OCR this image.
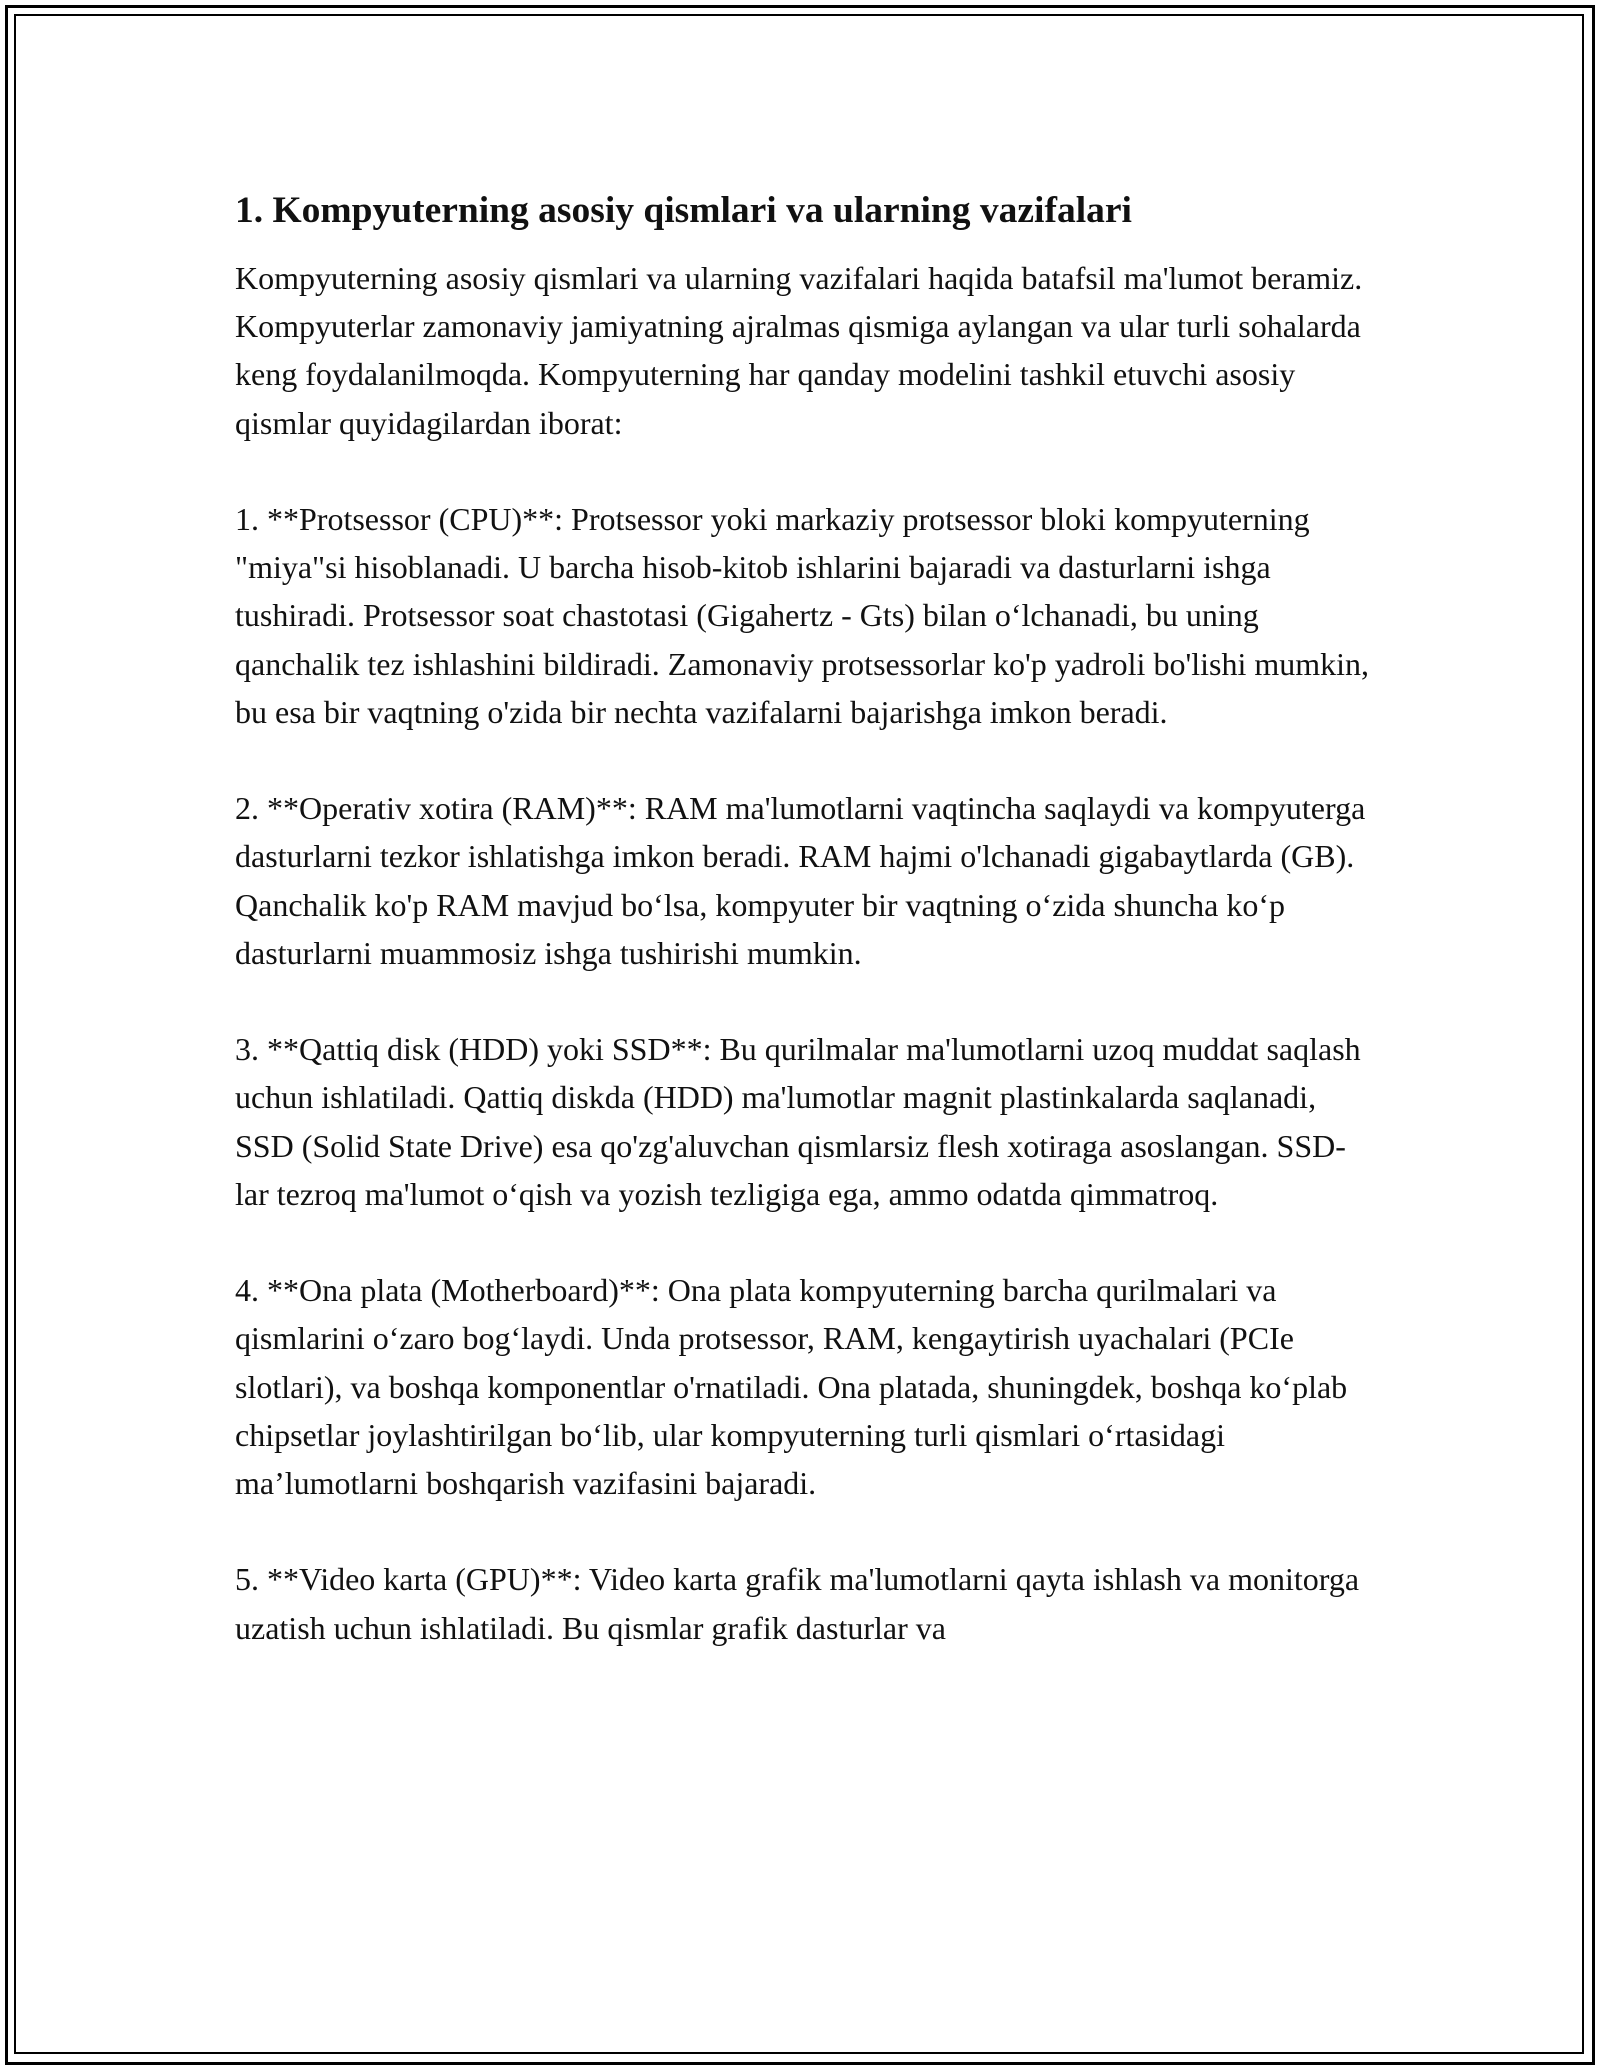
1. Kompyuterning asosiy qismlari va ularning vazifalari

Kompyuterning asosiy qismlari va ularning vazifalari haqida batafsil ma'lumot beramiz. Kompyuterlar zamonaviy jamiyatning ajralmas qismiga aylangan va ular turli sohalarda keng foydalanilmoqda. Kompyuterning har qanday modelini tashkil etuvchi asosiy qismlar quyidagilardan iborat:

1. **Protsessor (CPU)**: Protsessor yoki markaziy protsessor bloki kompyuterning "miya"si hisoblanadi. U barcha hisob-kitob ishlarini bajaradi va dasturlarni ishga tushiradi. Protsessor soat chastotasi (Gigahertz - Gts) bilan oʻlchanadi, bu uning qanchalik tez ishlashini bildiradi. Zamonaviy protsessorlar ko'p yadroli bo'lishi mumkin, bu esa bir vaqtning o'zida bir nechta vazifalarni bajarishga imkon beradi.

2. **Operativ xotira (RAM)**: RAM ma'lumotlarni vaqtincha saqlaydi va kompyuterga dasturlarni tezkor ishlatishga imkon beradi. RAM hajmi o'lchanadi gigabaytlarda (GB). Qanchalik ko'p RAM mavjud boʻlsa, kompyuter bir vaqtning oʻzida shuncha koʻp dasturlarni muammosiz ishga tushirishi mumkin.

3. **Qattiq disk (HDD) yoki SSD**: Bu qurilmalar ma'lumotlarni uzoq muddat saqlash uchun ishlatiladi. Qattiq diskda (HDD) ma'lumotlar magnit plastinkalarda saqlanadi, SSD (Solid State Drive) esa qo'zg'aluvchan qismlarsiz flesh xotiraga asoslangan. SSD-lar tezroq ma'lumot oʻqish va yozish tezligiga ega, ammo odatda qimmatroq.

4. **Ona plata (Motherboard)**: Ona plata kompyuterning barcha qurilmalari va qismlarini oʻzaro bogʻlaydi. Unda protsessor, RAM, kengaytirish uyachalari (PCIe slotlari), va boshqa komponentlar o'rnatiladi. Ona platada, shuningdek, boshqa koʻplab chipsetlar joylashtirilgan boʻlib, ular kompyuterning turli qismlari oʻrtasidagi maʼlumotlarni boshqarish vazifasini bajaradi.

5. **Video karta (GPU)**: Video karta grafik ma'lumotlarni qayta ishlash va monitorga uzatish uchun ishlatiladi. Bu qismlar grafik dasturlar va
